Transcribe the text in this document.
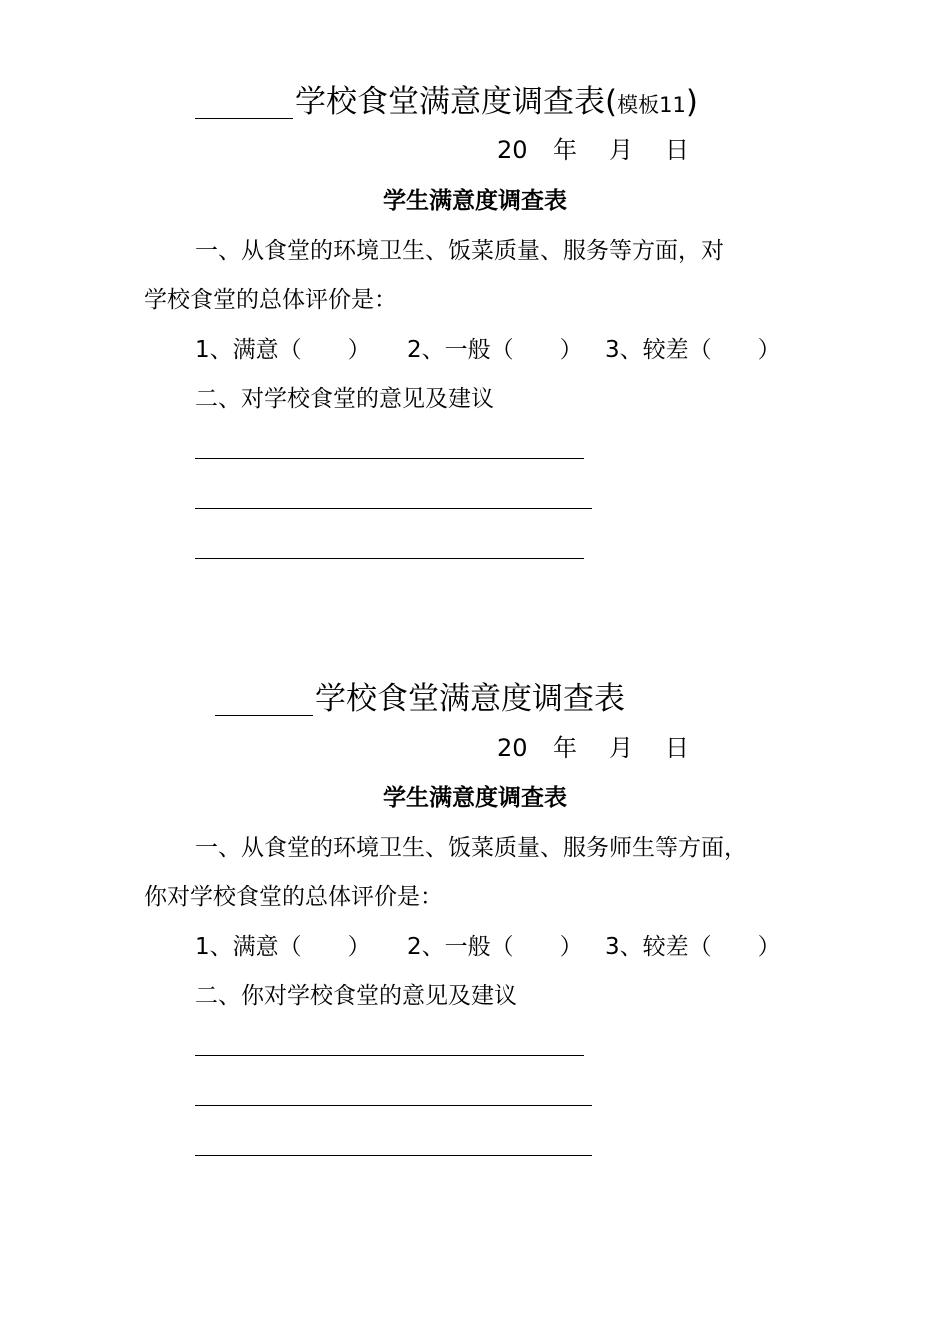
学校食堂满意度调查表(模板11)
20 年 月 日
学生满意度调查表
一、从食堂的环境卫生、饭菜质量、服务等方面，对
学校食堂的总体评价是：
1、满意（　　） 2、一般（　　） 3、较差（　　）
二、对学校食堂的意见及建议
学校食堂满意度调查表
20 年 月 日
学生满意度调查表
一、从食堂的环境卫生、饭菜质量、服务师生等方面，
你对学校食堂的总体评价是：
1、满意（　　） 2、一般（　　） 3、较差（　　）
二、你对学校食堂的意见及建议
